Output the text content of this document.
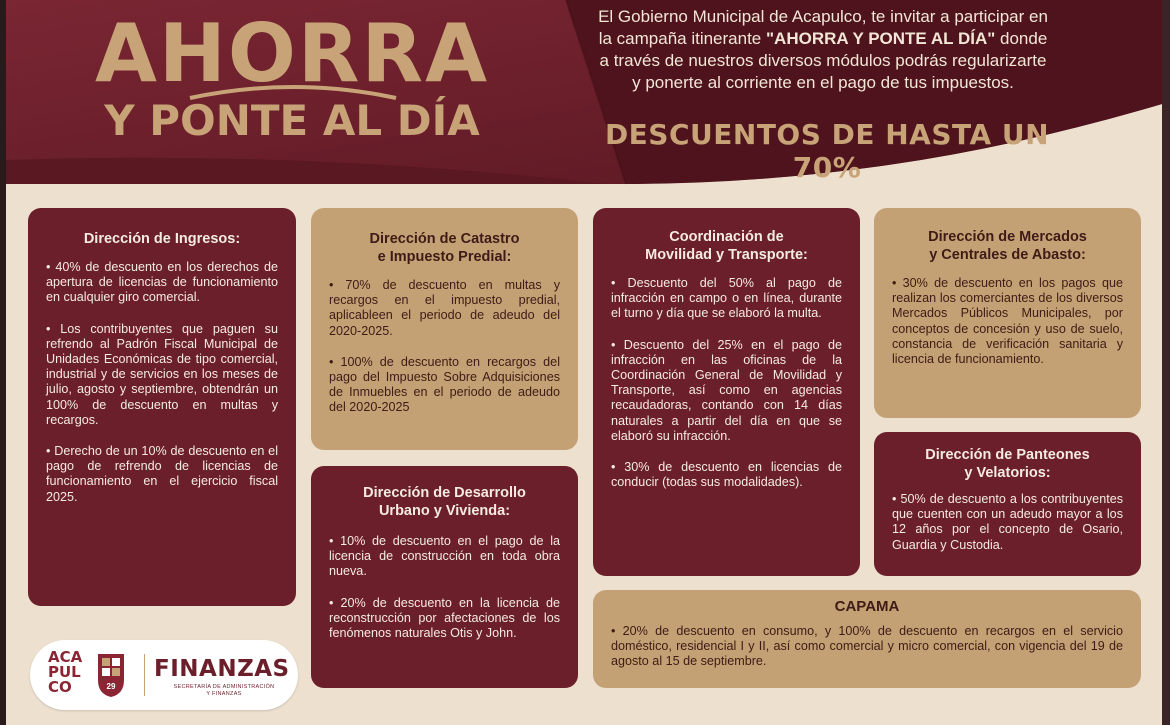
AHORRA
Y PONTE AL DÍA
El Gobierno Municipal de Acapulco, te invitar a participar en la campaña itinerante "AHORRA Y PONTE AL DÍA" donde a través de nuestros diversos módulos podrás regularizarte y ponerte al corriente en el pago de tus impuestos.
DESCUENTOS DE HASTA UN 70%
Dirección de Ingresos:

• 40% de descuento en los derechos de apertura de licencias de funcionamiento en cualquier giro comercial.

• Los contribuyentes que paguen su refrendo al Padrón Fiscal Municipal de Unidades Económicas de tipo comercial, industrial y de servicios en los meses de julio, agosto y septiembre, obtendrán un 100% de descuento en multas y recargos.

• Derecho de un 10% de descuento en el pago de refrendo de licencias de funcionamiento en el ejercicio fiscal 2025.

Dirección de Catastro
e Impuesto Predial:

• 70% de descuento en multas y recargos en el impuesto predial, aplicableen el periodo de adeudo del 2020-2025.

• 100% de descuento en recargos del pago del Impuesto Sobre Adquisiciones de Inmuebles en el periodo de adeudo del 2020-2025

Dirección de Desarrollo
Urbano y Vivienda:

• 10% de descuento en el pago de la licencia de construcción en toda obra nueva.

• 20% de descuento en la licencia de reconstrucción por afectaciones de los fenómenos naturales Otis y John.

Coordinación de
Movilidad y Transporte:

• Descuento del 50% al pago de infracción en campo o en línea, durante el turno y día que se elaboró la multa.

• Descuento del 25% en el pago de infracción en las oficinas de la Coordinación General de Movilidad y Transporte, así como en agencias recaudadoras, contando con 14 días naturales a partir del día en que se elaboró su infracción.

• 30% de descuento en licencias de conducir (todas sus modalidades).

Dirección de Mercados
y Centrales de Abasto:

• 30% de descuento en los pagos que realizan los comerciantes de los diversos Mercados Públicos Municipales, por conceptos de concesión y uso de suelo, constancia de verificación sanitaria y licencia de funcionamiento.

Dirección de Panteones
y Velatorios:

• 50% de descuento a los contribuyentes que cuenten con un adeudo mayor a los 12 años por el concepto de Osario, Guardia y Custodia.

CAPAMA

• 20% de descuento en consumo, y 100% de descuento en recargos en el servicio doméstico, residencial I y II, así como comercial y micro comercial, con vigencia del 19 de agosto al 15 de septiembre.

ACA
PUL
CO	29
FINANZAS
SECRETARÍA DE ADMINISTRACIÓN
Y FINANZAS
